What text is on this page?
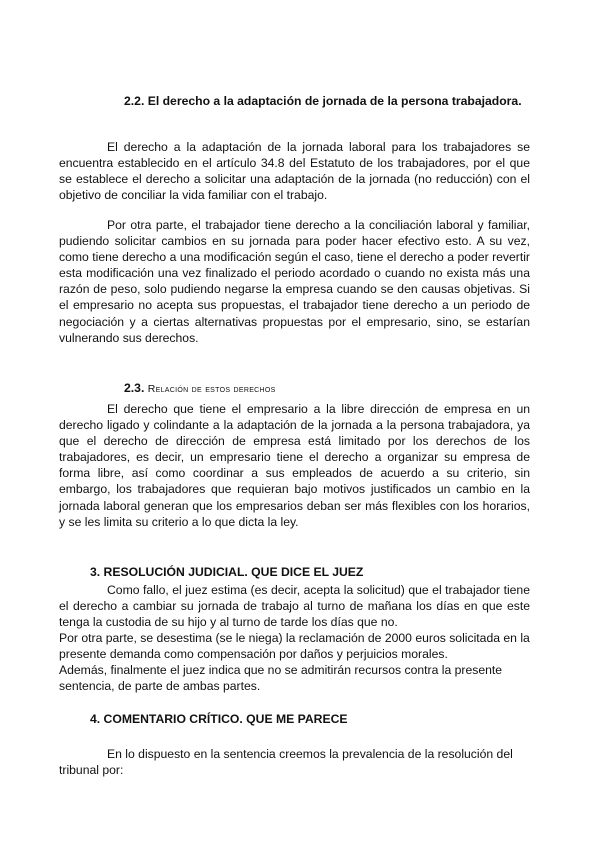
2.2. El derecho a la adaptación de jornada de la persona trabajadora.

El derecho a la adaptación de la jornada laboral para los trabajadores se encuentra establecido en el artículo 34.8 del Estatuto de los trabajadores, por el que se establece el derecho a solicitar una adaptación de la jornada (no reducción) con el objetivo de conciliar la vida familiar con el trabajo.

Por otra parte, el trabajador tiene derecho a la conciliación laboral y familiar, pudiendo solicitar cambios en su jornada para poder hacer efectivo esto. A su vez, como tiene derecho a una modificación según el caso, tiene el derecho a poder revertir esta modificación una vez finalizado el periodo acordado o cuando no exista más una razón de peso, solo pudiendo negarse la empresa cuando se den causas objetivas. Si el empresario no acepta sus propuestas, el trabajador tiene derecho a un periodo de negociación y a ciertas alternativas propuestas por el empresario, sino, se estarían vulnerando sus derechos.

2.3. Relación de estos derechos

El derecho que tiene el empresario a la libre dirección de empresa en un derecho ligado y colindante a la adaptación de la jornada a la persona trabajadora, ya que el derecho de dirección de empresa está limitado por los derechos de los trabajadores, es decir, un empresario tiene el derecho a organizar su empresa de forma libre, así como coordinar a sus empleados de acuerdo a su criterio, sin embargo, los trabajadores que requieran bajo motivos justificados un cambio en la jornada laboral generan que los empresarios deban ser más flexibles con los horarios, y se les limita su criterio a lo que dicta la ley.

3. RESOLUCIÓN JUDICIAL. QUE DICE EL JUEZ

Como fallo, el juez estima (es decir, acepta la solicitud) que el trabajador tiene el derecho a cambiar su jornada de trabajo al turno de mañana los días en que este tenga la custodia de su hijo y al turno de tarde los días que no.

Por otra parte, se desestima (se le niega) la reclamación de 2000 euros solicitada en la presente demanda como compensación por daños y perjuicios morales.

Además, finalmente el juez indica que no se admitirán recursos contra la presente sentencia, de parte de ambas partes.

4. COMENTARIO CRÍTICO. QUE ME PARECE

En lo dispuesto en la sentencia creemos la prevalencia de la resolución del tribunal por:
